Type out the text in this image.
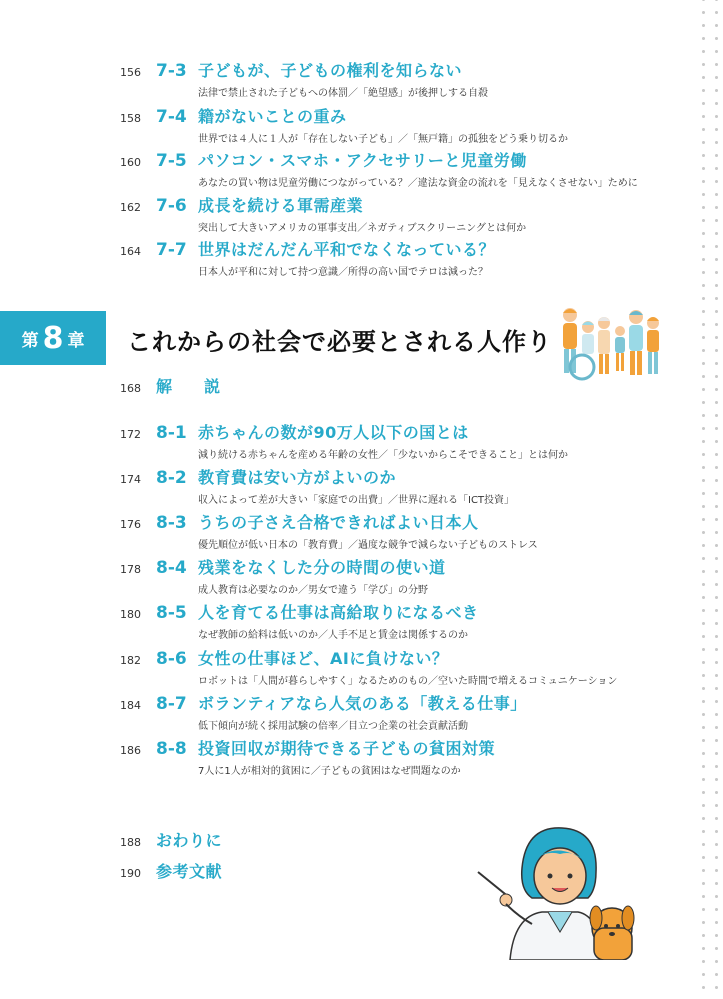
156 7-3 子どもが、子どもの権利を知らない
法律で禁止された子どもへの体罰／「絶望感」が後押しする自殺
158 7-4 籍がないことの重み
世界では４人に１人が「存在しない子ども」／「無戸籍」の孤独をどう乗り切るか
160 7-5 パソコン・スマホ・アクセサリーと児童労働
あなたの買い物は児童労働につながっている？／違法な資金の流れを「見えなくさせない」ために
162 7-6 成長を続ける軍需産業
突出して大きいアメリカの軍事支出／ネガティブスクリーニングとは何か
164 7-7 世界はだんだん平和でなくなっている？
日本人が平和に対して持つ意識／所得の高い国でテロは減った？
第 8 章 これからの社会で必要とされる人作り
168 解　説
172 8-1 赤ちゃんの数が90万人以下の国とは
減り続ける赤ちゃんを産める年齢の女性／「少ないからこそできること」とは何か
174 8-2 教育費は安い方がよいのか
収入によって差が大きい「家庭での出費」／世界に遅れる「ICT投資」
176 8-3 うちの子さえ合格できればよい日本人
優先順位が低い日本の「教育費」／過度な競争で減らない子どものストレス
178 8-4 残業をなくした分の時間の使い道
成人教育は必要なのか／男女で違う「学び」の分野
180 8-5 人を育てる仕事は高給取りになるべき
なぜ教師の給料は低いのか／人手不足と賃金は関係するのか
182 8-6 女性の仕事ほど、AIに負けない？
ロボットは「人間が暮らしやすく」なるためのもの／空いた時間で増えるコミュニケーション
184 8-7 ボランティアなら人気のある「教える仕事」
低下傾向が続く採用試験の倍率／目立つ企業の社会貢献活動
186 8-8 投資回収が期待できる子どもの貧困対策
7人に1人が相対的貧困に／子どもの貧困はなぜ問題なのか
188 おわりに
190 参考文献
